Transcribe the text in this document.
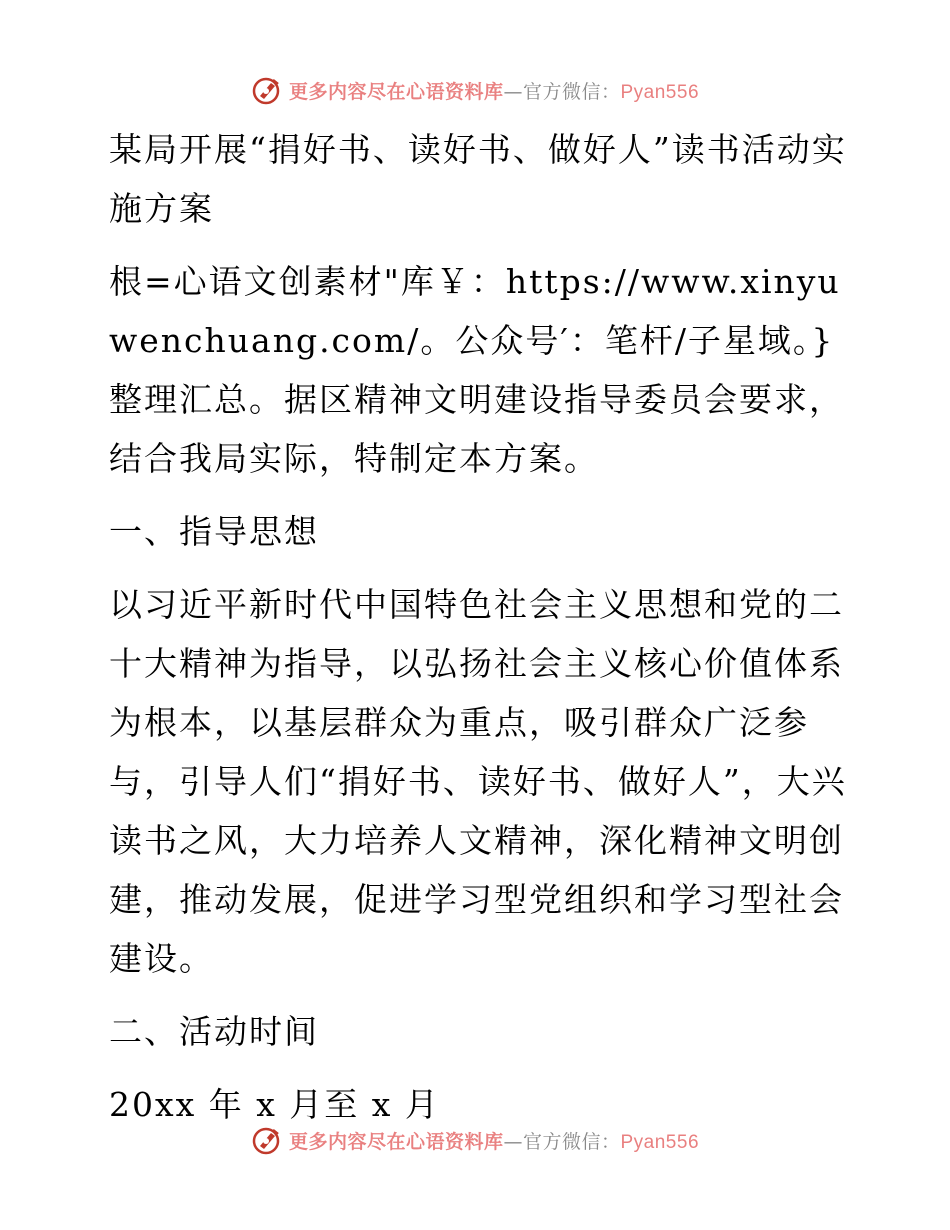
更多内容尽在心语资料库—官方微信：Pyan556

某局开展“捐好书、读好书、做好人”读书活动实施方案

根=心语文创素材"库￥：https://www.xinyuwenchuang.com/。公众号′：笔杆/子星域。}整理汇总。据区精神文明建设指导委员会要求，结合我局实际，特制定本方案。

一、指导思想

以习近平新时代中国特色社会主义思想和党的二十大精神为指导，以弘扬社会主义核心价值体系为根本，以基层群众为重点，吸引群众广泛参与，引导人们“捐好书、读好书、做好人”，大兴读书之风，大力培养人文精神，深化精神文明创建，推动发展，促进学习型党组织和学习型社会建设。

二、活动时间

20xx 年 x 月至 x 月

更多内容尽在心语资料库—官方微信：Pyan556
